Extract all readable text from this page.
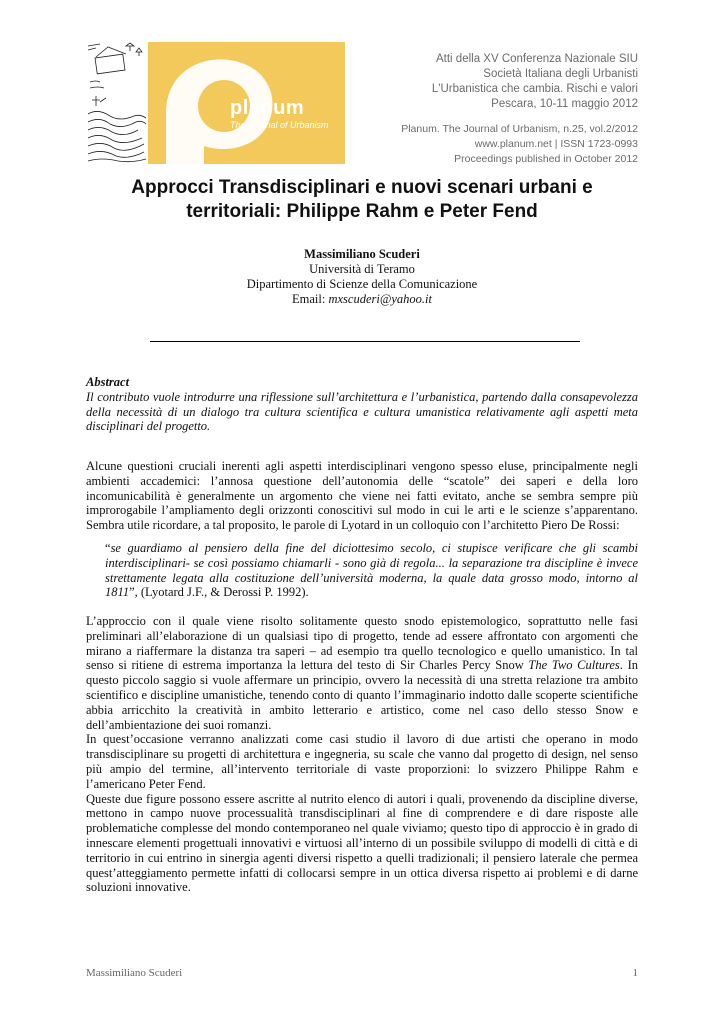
planum
The Journal of Urbanism
Atti della XV Conferenza Nazionale SIU
Società Italiana degli Urbanisti
L'Urbanistica che cambia. Rischi e valori
Pescara, 10-11 maggio 2012
Planum. The Journal of Urbanism, n.25, vol.2/2012
www.planum.net | ISSN 1723-0993
Proceedings published in October 2012
Approcci Transdisciplinari e nuovi scenari urbani e territoriali: Philippe Rahm e Peter Fend
Massimiliano Scuderi
Università di Teramo
Dipartimento di Scienze della Comunicazione
Email: mxscuderi@yahoo.it
Abstract
Il contributo vuole introdurre una riflessione sull’architettura e l’urbanistica, partendo dalla consapevolezza della necessità di un dialogo tra cultura scientifica e cultura umanistica relativamente agli aspetti meta disciplinari del progetto.
Alcune questioni cruciali inerenti agli aspetti interdisciplinari vengono spesso eluse, principalmente negli ambienti accademici: l’annosa questione dell’autonomia delle “scatole” dei saperi e della loro incomunicabilità è generalmente un argomento che viene nei fatti evitato, anche se sembra sempre più improrogabile l’ampliamento degli orizzonti conoscitivi sul modo in cui le arti e le scienze s’apparentano. Sembra utile ricordare, a tal proposito, le parole di Lyotard in un colloquio con l’architetto Piero De Rossi:
“se guardiamo al pensiero della fine del diciottesimo secolo, ci stupisce verificare che gli scambi interdisciplinari- se così possiamo chiamarli - sono già di regola... la separazione tra discipline è invece strettamente legata alla costituzione dell’università moderna, la quale data grosso modo, intorno al 1811”, (Lyotard J.F., & Derossi P. 1992).
L’approccio con il quale viene risolto solitamente questo snodo epistemologico, soprattutto nelle fasi preliminari all’elaborazione di un qualsiasi tipo di progetto, tende ad essere affrontato con argomenti che mirano a riaffermare la distanza tra saperi – ad esempio tra quello tecnologico e quello umanistico. In tal senso si ritiene di estrema importanza la lettura del testo di Sir Charles Percy Snow The Two Cultures. In questo piccolo saggio si vuole affermare un principio, ovvero la necessità di una stretta relazione tra ambito scientifico e discipline umanistiche, tenendo conto di quanto l’immaginario indotto dalle scoperte scientifiche abbia arricchito la creatività in ambito letterario e artistico, come nel caso dello stesso Snow e dell’ambientazione dei suoi romanzi.
In quest’occasione verranno analizzati come casi studio il lavoro di due artisti che operano in modo transdisciplinare su progetti di architettura e ingegneria, su scale che vanno dal progetto di design, nel senso più ampio del termine, all’intervento territoriale di vaste proporzioni: lo svizzero Philippe Rahm e l’americano Peter Fend.
Queste due figure possono essere ascritte al nutrito elenco di autori i quali, provenendo da discipline diverse, mettono in campo nuove processualità transdisciplinari al fine di comprendere e di dare risposte alle problematiche complesse del mondo contemporaneo nel quale viviamo; questo tipo di approccio è in grado di innescare elementi progettuali innovativi e virtuosi all’interno di un possibile sviluppo di modelli di città e di territorio in cui entrino in sinergia agenti diversi rispetto a quelli tradizionali; il pensiero laterale che permea quest’atteggiamento permette infatti di collocarsi sempre in un ottica diversa rispetto ai problemi e di darne soluzioni innovative.
Massimiliano Scuderi	1
